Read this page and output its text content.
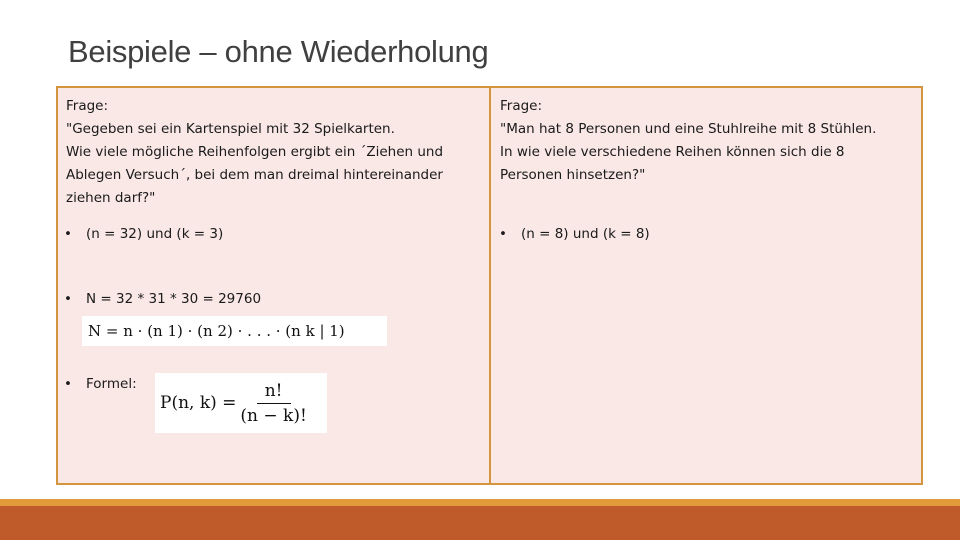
Beispiele – ohne Wiederholung
Frage:
"Gegeben sei ein Kartenspiel mit 32 Spielkarten.
Wie viele mögliche Reihenfolgen ergibt ein ´Ziehen und
Ablegen Versuch´, bei dem man dreimal hintereinander
ziehen darf?"
• (n = 32) und (k = 3)
• N = 32 * 31 * 30 = 29760
N = n · (n 1) · (n 2) · . . . · (n k | 1)
• Formel:
P(n, $k) = \frac{n!}{(n - k)!}$
Frage:
"Man hat 8 Personen und eine Stuhlreihe mit 8 Stühlen.
In wie viele verschiedene Reihen können sich die 8
Personen hinsetzen?"
• (n = 8) und (k = 8)
